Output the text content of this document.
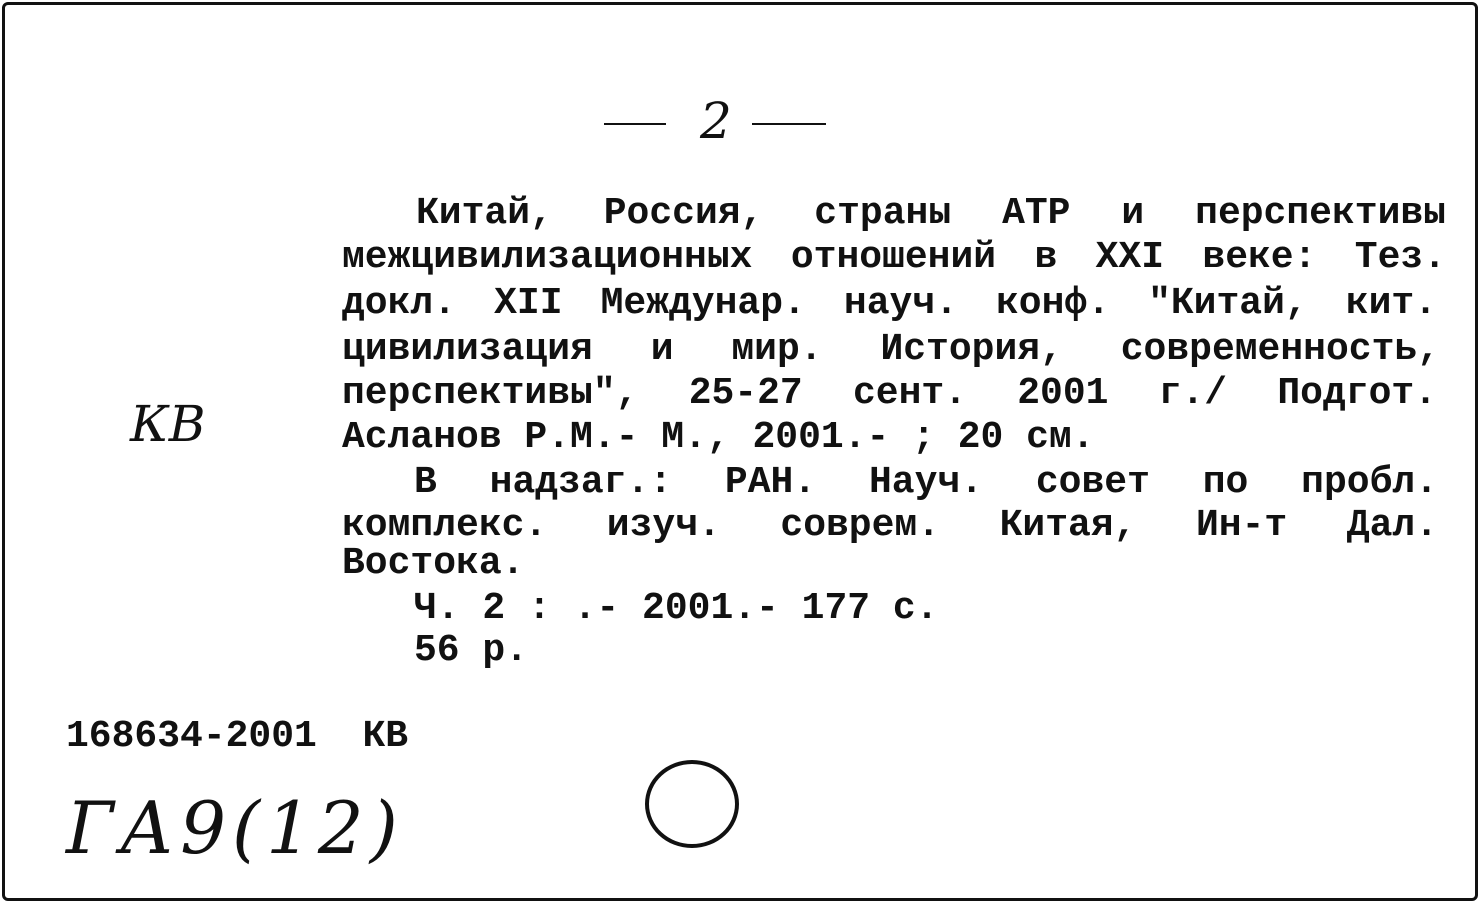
2
КВ
Китай, Россия, страны АТР и перспективы
межцивилизационных отношений в XXI веке: Тез.
докл. XII Междунар. науч. конф. "Китай, кит.
цивилизация и мир. История, современность,
перспективы", 25-27 сент. 2001 г./ Подгот.
Асланов Р.М.- М., 2001.- ; 20 см.
В надзаг.: РАН. Науч. совет по пробл.
комплекс. изуч. соврем. Китая, Ин-т Дал.
Востока.
Ч. 2 : .- 2001.- 177 с.
56 р.
168634-2001  КВ
ГА9(12)
